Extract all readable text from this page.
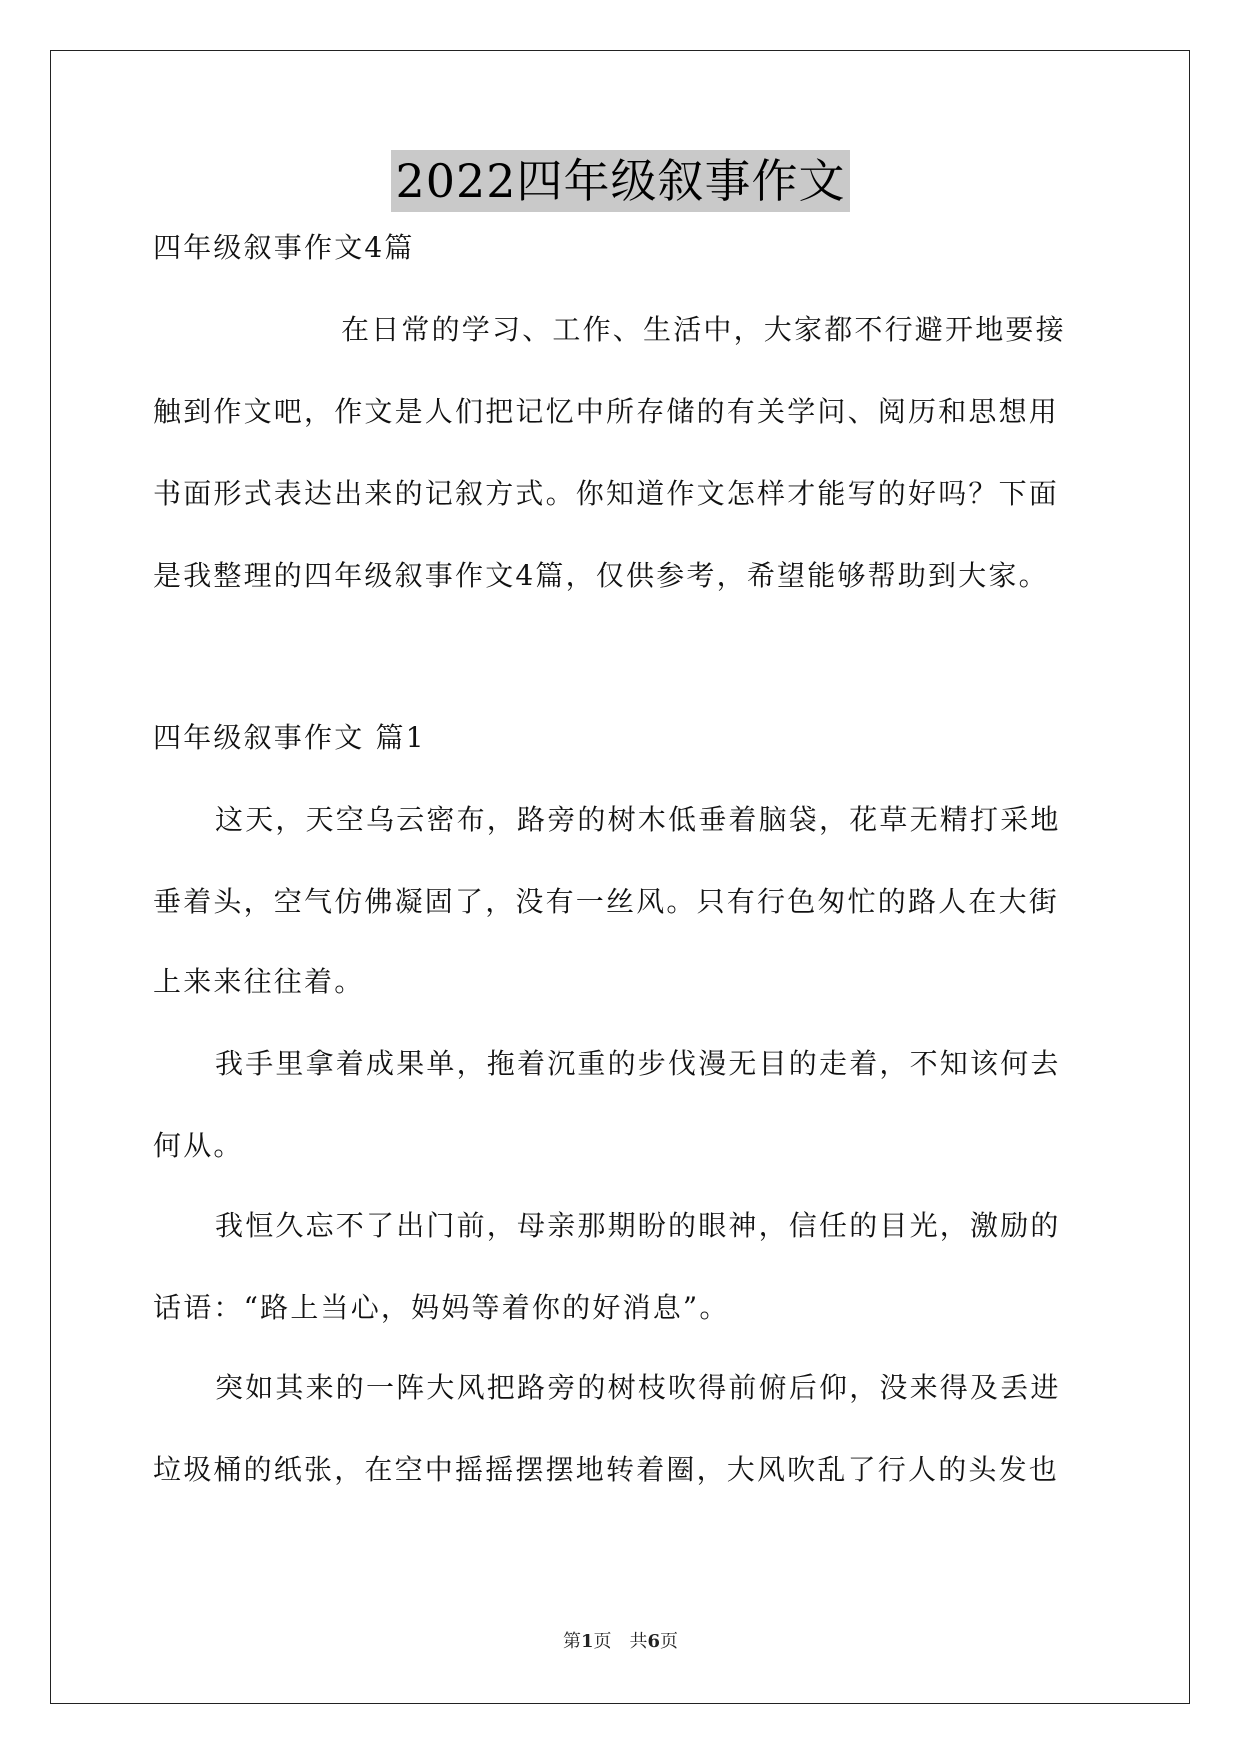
2022四年级叙事作文
四年级叙事作文4篇
在日常的学习、工作、生活中，大家都不行避开地要接
触到作文吧，作文是人们把记忆中所存储的有关学问、阅历和思想用
书面形式表达出来的记叙方式。你知道作文怎样才能写的好吗？下面
是我整理的四年级叙事作文4篇，仅供参考，希望能够帮助到大家。
四年级叙事作文 篇1
这天，天空乌云密布，路旁的树木低垂着脑袋，花草无精打采地
垂着头，空气仿佛凝固了，没有一丝风。只有行色匆忙的路人在大街
上来来往往着。
我手里拿着成果单，拖着沉重的步伐漫无目的走着，不知该何去
何从。
我恒久忘不了出门前，母亲那期盼的眼神，信任的目光，激励的
话语：“路上当心，妈妈等着你的好消息”。
突如其来的一阵大风把路旁的树枝吹得前俯后仰，没来得及丢进
垃圾桶的纸张，在空中摇摇摆摆地转着圈，大风吹乱了行人的头发也
第1页 共6页
